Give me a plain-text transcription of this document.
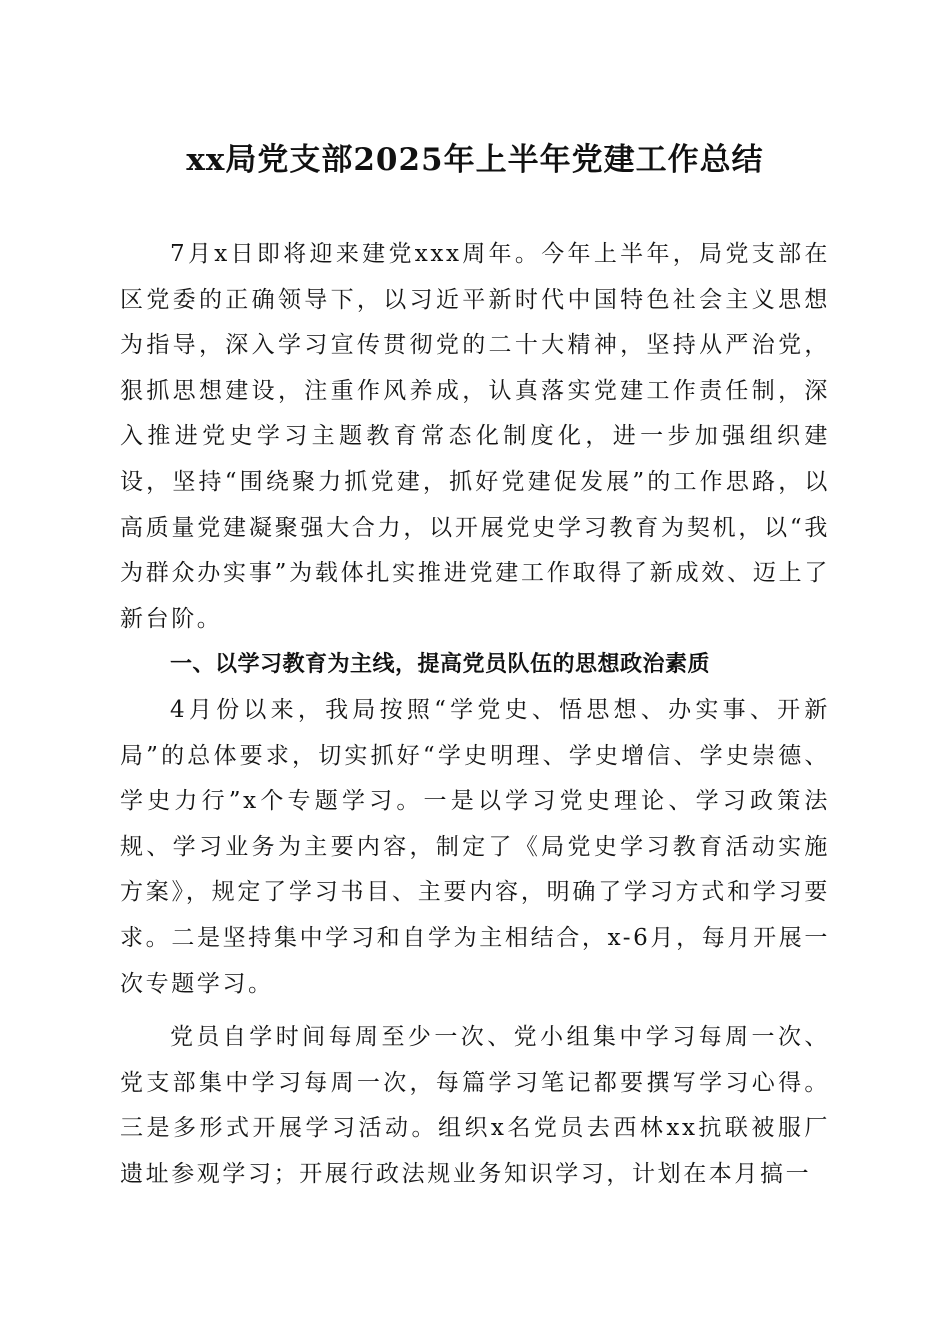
xx局党支部2025年上半年党建工作总结

7月x日即将迎来建党xxx周年。今年上半年，局党支部在区党委的正确领导下，以习近平新时代中国特色社会主义思想为指导，深入学习宣传贯彻党的二十大精神，坚持从严治党，狠抓思想建设，注重作风养成，认真落实党建工作责任制，深入推进党史学习主题教育常态化制度化，进一步加强组织建设，坚持“围绕聚力抓党建，抓好党建促发展”的工作思路，以高质量党建凝聚强大合力，以开展党史学习教育为契机，以“我为群众办实事”为载体扎实推进党建工作取得了新成效、迈上了新台阶。

一、以学习教育为主线，提高党员队伍的思想政治素质

4月份以来，我局按照“学党史、悟思想、办实事、开新局”的总体要求，切实抓好“学史明理、学史增信、学史崇德、学史力行”x个专题学习。一是以学习党史理论、学习政策法规、学习业务为主要内容，制定了《局党史学习教育活动实施方案》，规定了学习书目、主要内容，明确了学习方式和学习要求。二是坚持集中学习和自学为主相结合，x-6月，每月开展一次专题学习。

党员自学时间每周至少一次、党小组集中学习每周一次、党支部集中学习每周一次，每篇学习笔记都要撰写学习心得。三是多形式开展学习活动。组织x名党员去西林xx抗联被服厂遗址参观学习；开展行政法规业务知识学习，计划在本月搞一
